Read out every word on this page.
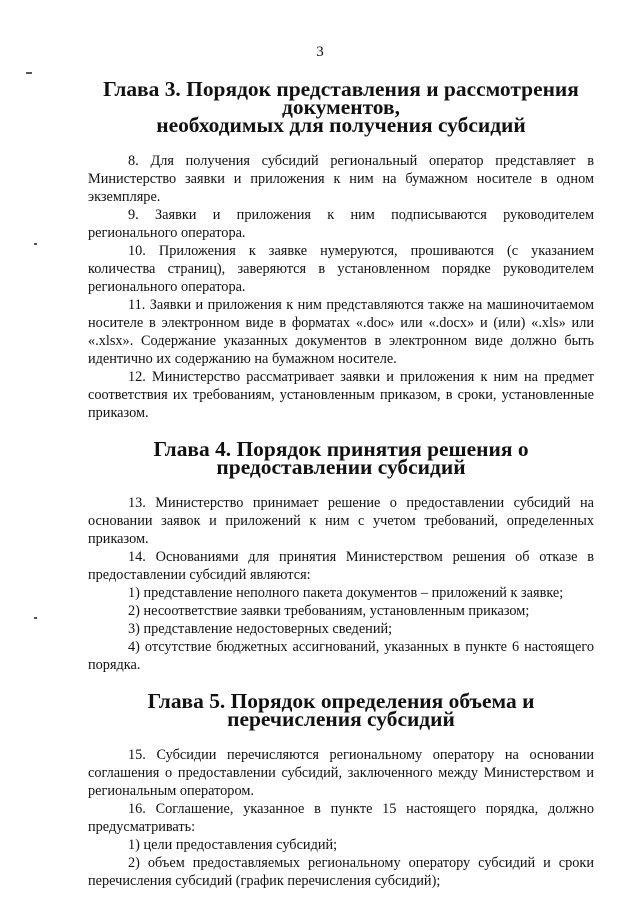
3
Глава 3. Порядок представления и рассмотрения документов,
необходимых для получения субсидий

8. Для получения субсидий региональный оператор представляет в Министерство заявки и приложения к ним на бумажном носителе в одном экземпляре.

9. Заявки и приложения к ним подписываются руководителем регионального оператора.

10. Приложения к заявке нумеруются, прошиваются (с указанием количества страниц), заверяются в установленном порядке руководителем регионального оператора.

11. Заявки и приложения к ним представляются также на машиночитаемом носителе в электронном виде в форматах «.doc» или «.docx» и (или) «.xls» или «.xlsx». Содержание указанных документов в электронном виде должно быть идентично их содержанию на бумажном носителе.

12. Министерство рассматривает заявки и приложения к ним на предмет соответствия их требованиям, установленным приказом, в сроки, установленные приказом.

Глава 4. Порядок принятия решения о предоставлении субсидий

13. Министерство принимает решение о предоставлении субсидий на основании заявок и приложений к ним с учетом требований, определенных приказом.

14. Основаниями для принятия Министерством решения об отказе в предоставлении субсидий являются:

1) представление неполного пакета документов – приложений к заявке;

2) несоответствие заявки требованиям, установленным приказом;

3) представление недостоверных сведений;

4) отсутствие бюджетных ассигнований, указанных в пункте 6 настоящего порядка.

Глава 5. Порядок определения объема и перечисления субсидий

15. Субсидии перечисляются региональному оператору на основании соглашения о предоставлении субсидий, заключенного между Министерством и региональным оператором.

16. Соглашение, указанное в пункте 15 настоящего порядка, должно предусматривать:

1) цели предоставления субсидий;

2) объем предоставляемых региональному оператору субсидий и сроки перечисления субсидий (график перечисления субсидий);
